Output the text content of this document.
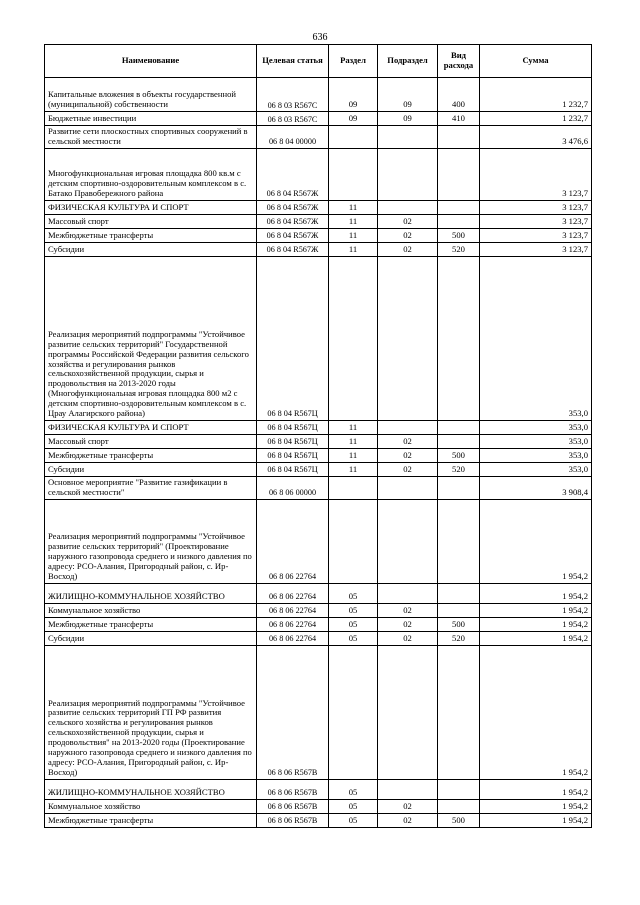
636
Наименование	Целевая статья	Раздел	Подраздел	Вид расхода	Сумма
Капитальные вложения в объекты государственной (муниципальной) собственности	06 8 03 R567С	09	09	400	1 232,7
Бюджетные инвестиции	06 8 03 R567С	09	09	410	1 232,7
Развитие сети плоскостных спортивных сооружений в сельской местности	06 8 04 00000				3 476,6
Многофункциональная игровая площадка 800 кв.м с детским спортивно-оздоровительным комплексом в с. Батако Правобережного района	06 8 04 R567Ж				3 123,7
ФИЗИЧЕСКАЯ КУЛЬТУРА И СПОРТ	06 8 04 R567Ж	11			3 123,7
Массовый спорт	06 8 04 R567Ж	11	02		3 123,7
Межбюджетные трансферты	06 8 04 R567Ж	11	02	500	3 123,7
Субсидии	06 8 04 R567Ж	11	02	520	3 123,7
Реализация мероприятий подпрограммы "Устойчивое развитие сельских территорий" Государственной программы Российской Федерации развития сельского хозяйства и регулирования рынков сельскохозяйственной продукции, сырья и продовольствия на 2013-2020 годы (Многофункциональная игровая площадка 800 м2 с детским спортивно-оздоровительным комплексом в с. Црау Алагирского района)	06 8 04 R567Ц				353,0
ФИЗИЧЕСКАЯ КУЛЬТУРА И СПОРТ	06 8 04 R567Ц	11			353,0
Массовый спорт	06 8 04 R567Ц	11	02		353,0
Межбюджетные трансферты	06 8 04 R567Ц	11	02	500	353,0
Субсидии	06 8 04 R567Ц	11	02	520	353,0
Основное мероприятие "Развитие газификации в сельской местности"	06 8 06 00000				3 908,4
Реализация мероприятий подпрограммы "Устойчивое развитие сельских территорий" (Проектирование наружного газопровода среднего и низкого давления по адресу: РСО-Алания, Пригородный район, с. Ир-Восход)	06 8 06 22764				1 954,2
ЖИЛИЩНО-КОММУНАЛЬНОЕ ХОЗЯЙСТВО	06 8 06 22764	05			1 954,2
Коммунальное хозяйство	06 8 06 22764	05	02		1 954,2
Межбюджетные трансферты	06 8 06 22764	05	02	500	1 954,2
Субсидии	06 8 06 22764	05	02	520	1 954,2
Реализация мероприятий подпрограммы "Устойчивое развитие сельских территорий ГП РФ развития сельского хозяйства и регулирования рынков сельскохозяйственной продукции, сырья и продовольствия" на 2013-2020 годы (Проектирование наружного газопровода среднего и низкого давления по адресу: РСО-Алания, Пригородный район, с. Ир-Восход)	06 8 06 R567В				1 954,2
ЖИЛИЩНО-КОММУНАЛЬНОЕ ХОЗЯЙСТВО	06 8 06 R567В	05			1 954,2
Коммунальное хозяйство	06 8 06 R567В	05	02		1 954,2
Межбюджетные трансферты	06 8 06 R567В	05	02	500	1 954,2
